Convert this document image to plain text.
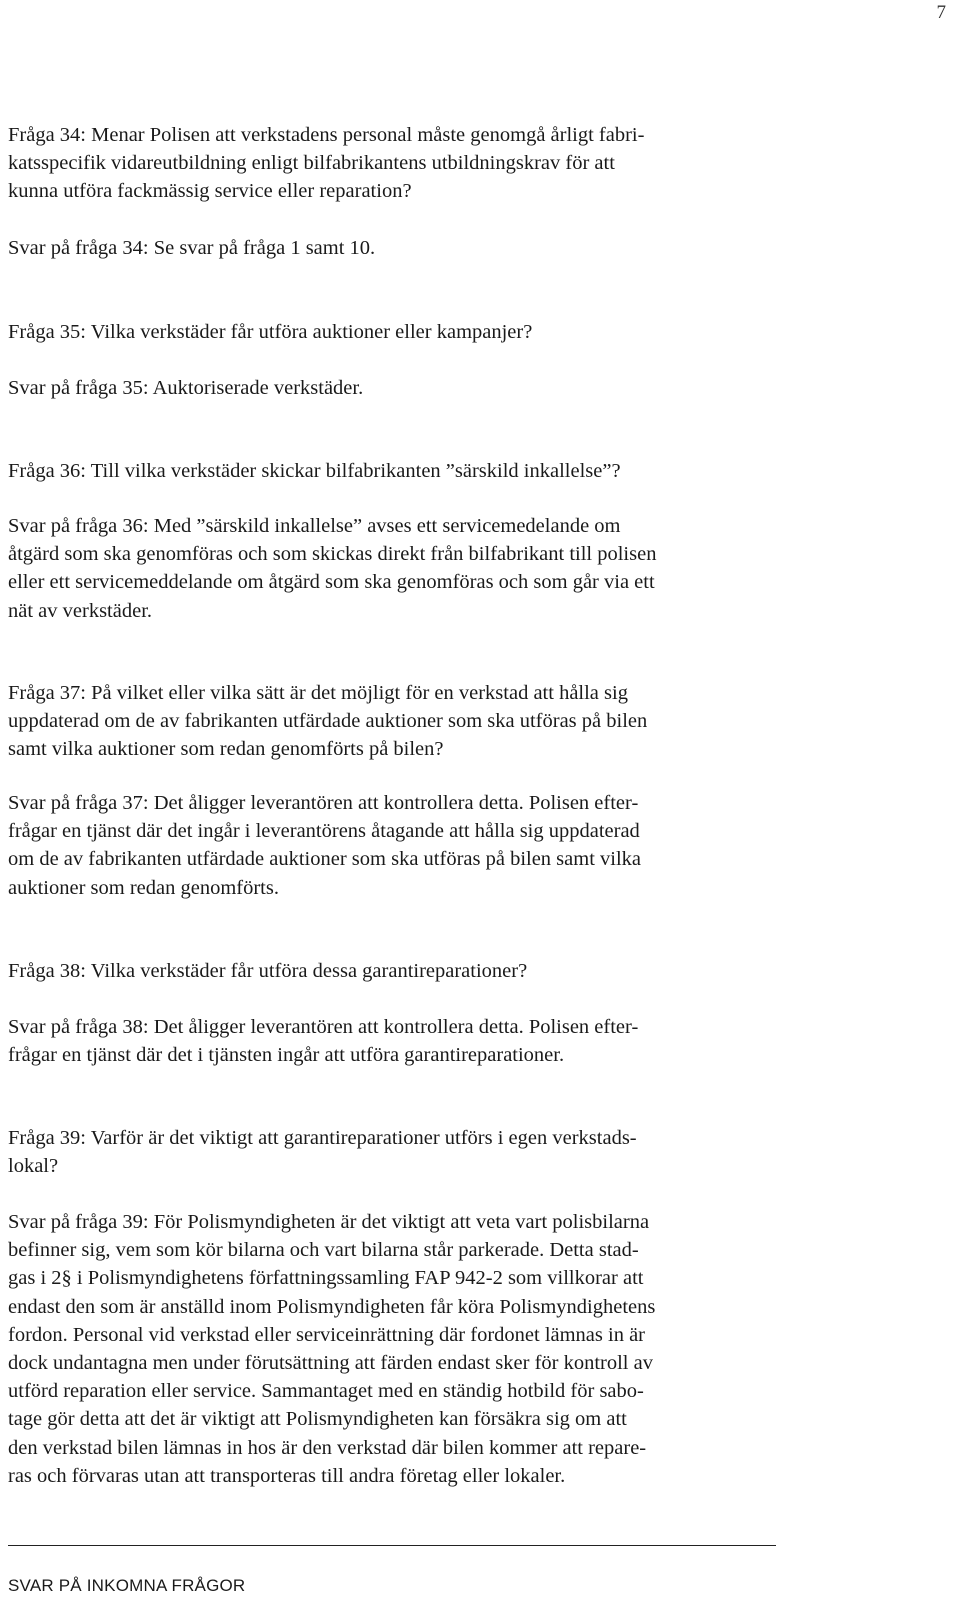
7

Fråga 34: Menar Polisen att verkstadens personal måste genomgå årligt fabri-
katsspecifik vidareutbildning enligt bilfabrikantens utbildningskrav för att
kunna utföra fackmässig service eller reparation?

Svar på fråga 34: Se svar på fråga 1 samt 10.

Fråga 35: Vilka verkstäder får utföra auktioner eller kampanjer?

Svar på fråga 35: Auktoriserade verkstäder.

Fråga 36: Till vilka verkstäder skickar bilfabrikanten ”särskild inkallelse”?

Svar på fråga 36: Med ”särskild inkallelse” avses ett servicemedelande om
åtgärd som ska genomföras och som skickas direkt från bilfabrikant till polisen
eller ett servicemeddelande om åtgärd som ska genomföras och som går via ett
nät av verkstäder.

Fråga 37: På vilket eller vilka sätt är det möjligt för en verkstad att hålla sig
uppdaterad om de av fabrikanten utfärdade auktioner som ska utföras på bilen
samt vilka auktioner som redan genomförts på bilen?

Svar på fråga 37: Det åligger leverantören att kontrollera detta. Polisen efter-
frågar en tjänst där det ingår i leverantörens åtagande att hålla sig uppdaterad
om de av fabrikanten utfärdade auktioner som ska utföras på bilen samt vilka
auktioner som redan genomförts.

Fråga 38: Vilka verkstäder får utföra dessa garantireparationer?

Svar på fråga 38: Det åligger leverantören att kontrollera detta. Polisen efter-
frågar en tjänst där det i tjänsten ingår att utföra garantireparationer.

Fråga 39: Varför är det viktigt att garantireparationer utförs i egen verkstads-
lokal?

Svar på fråga 39: För Polismyndigheten är det viktigt att veta vart polisbilarna
befinner sig, vem som kör bilarna och vart bilarna står parkerade. Detta stad-
gas i 2§ i Polismyndighetens författningssamling FAP 942-2 som villkorar att
endast den som är anställd inom Polismyndigheten får köra Polismyndighetens
fordon. Personal vid verkstad eller serviceinrättning där fordonet lämnas in är
dock undantagna men under förutsättning att färden endast sker för kontroll av
utförd reparation eller service. Sammantaget med en ständig hotbild för sabo-
tage gör detta att det är viktigt att Polismyndigheten kan försäkra sig om att
den verkstad bilen lämnas in hos är den verkstad där bilen kommer att repare-
ras och förvaras utan att transporteras till andra företag eller lokaler.

SVAR PÅ INKOMNA FRÅGOR
